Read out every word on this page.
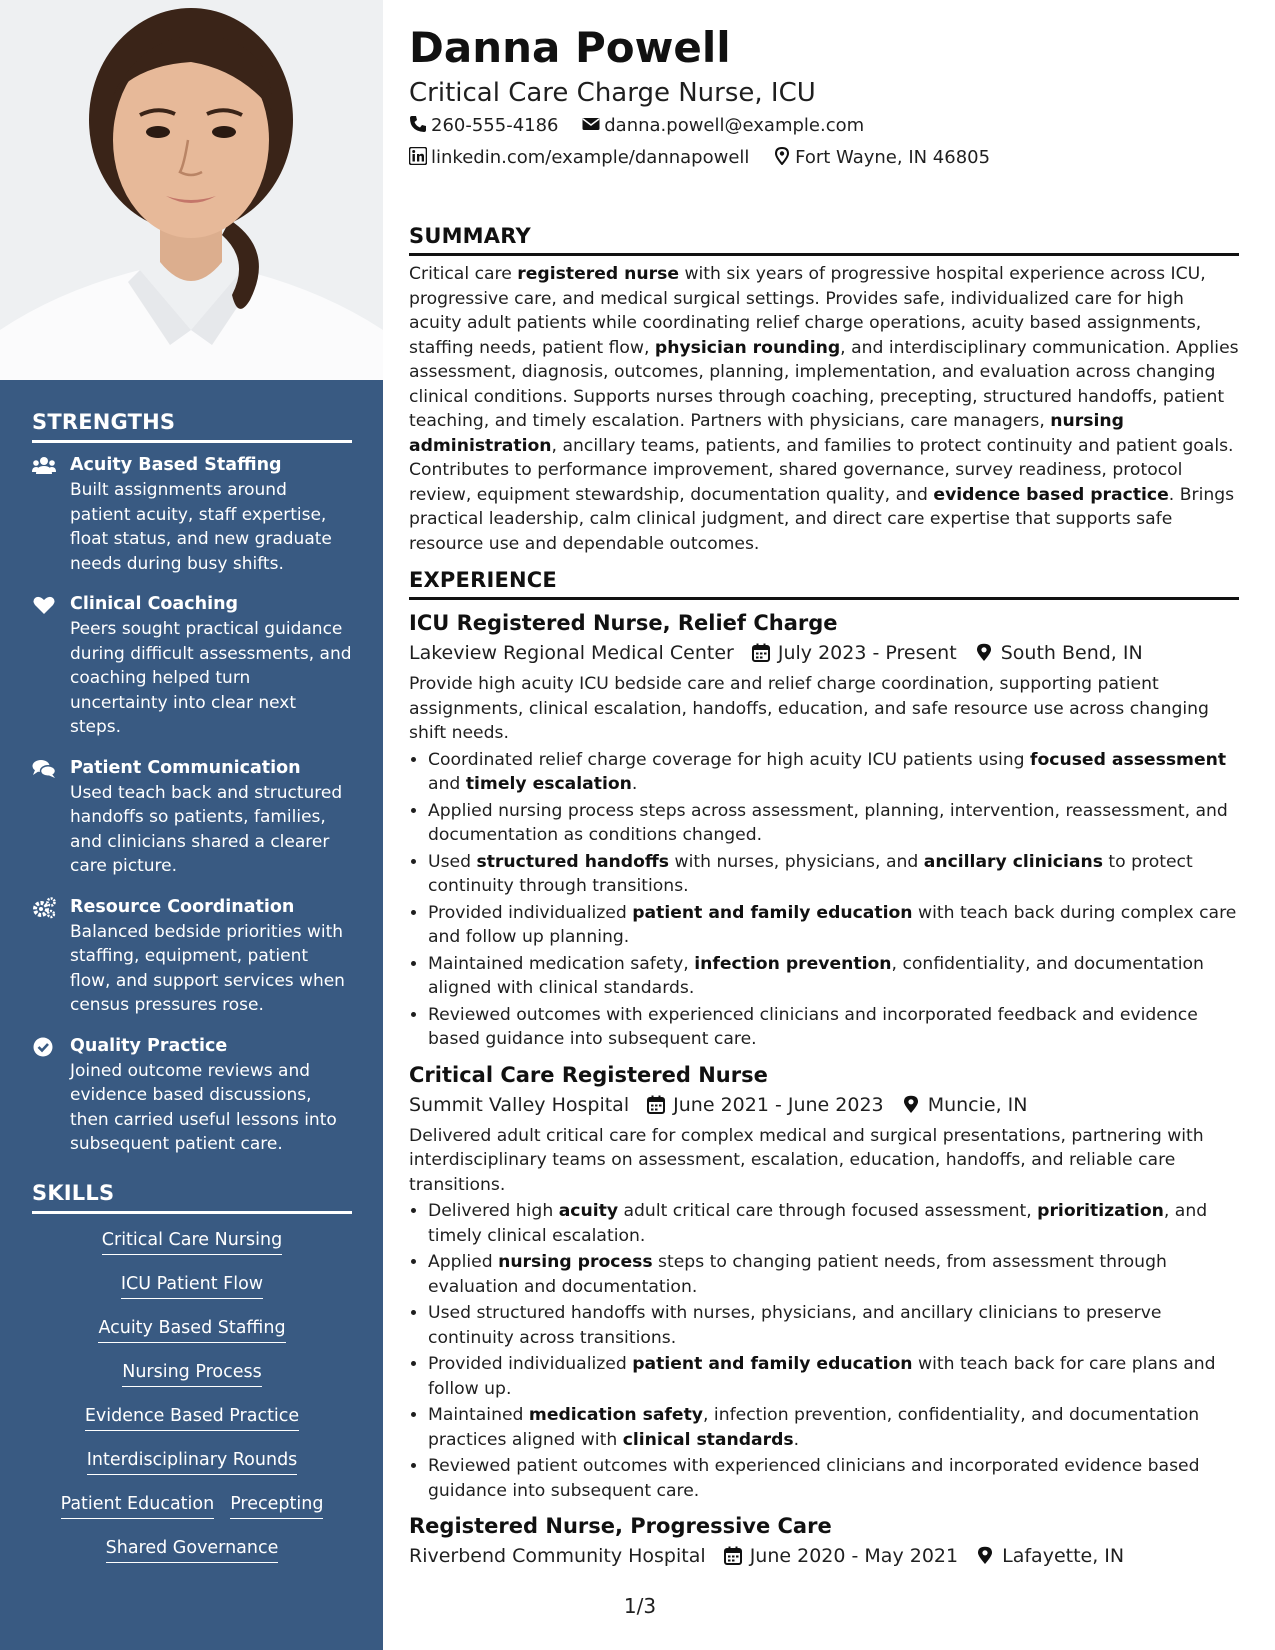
STRENGTHS
Acuity Based Staffing
Built assignments around patient acuity, staff expertise, float status, and new graduate needs during busy shifts.
Clinical Coaching
Peers sought practical guidance during difficult assessments, and coaching helped turn uncertainty into clear next steps.
Patient Communication
Used teach back and structured handoffs so patients, families, and clinicians shared a clearer care picture.
Resource Coordination
Balanced bedside priorities with staffing, equipment, patient flow, and support services when census pressures rose.
Quality Practice
Joined outcome reviews and evidence based discussions, then carried useful lessons into subsequent patient care.
SKILLS
Critical Care Nursing
ICU Patient Flow
Acuity Based Staffing
Nursing Process
Evidence Based Practice
Interdisciplinary Rounds
Patient Education Precepting
Shared Governance
Danna Powell
Critical Care Charge Nurse, ICU
260-555-4186	danna.powell@example.com
linkedin.com/example/dannapowell	Fort Wayne, IN 46805
SUMMARY
Critical care registered nurse with six years of progressive hospital experience across ICU, progressive care, and medical surgical settings. Provides safe, individualized care for high acuity adult patients while coordinating relief charge operations, acuity based assignments, staffing needs, patient flow, physician rounding, and interdisciplinary communication. Applies assessment, diagnosis, outcomes, planning, implementation, and evaluation across changing clinical conditions. Supports nurses through coaching, precepting, structured handoffs, patient teaching, and timely escalation. Partners with physicians, care managers, nursing administration, ancillary teams, patients, and families to protect continuity and patient goals. Contributes to performance improvement, shared governance, survey readiness, protocol review, equipment stewardship, documentation quality, and evidence based practice. Brings practical leadership, calm clinical judgment, and direct care expertise that supports safe resource use and dependable outcomes.
EXPERIENCE
ICU Registered Nurse, Relief Charge
Lakeview Regional Medical Center July 2023 - Present South Bend, IN
Provide high acuity ICU bedside care and relief charge coordination, supporting patient assignments, clinical escalation, handoffs, education, and safe resource use across changing shift needs.
• Coordinated relief charge coverage for high acuity ICU patients using focused assessment and timely escalation.
• Applied nursing process steps across assessment, planning, intervention, reassessment, and documentation as conditions changed.
• Used structured handoffs with nurses, physicians, and ancillary clinicians to protect continuity through transitions.
• Provided individualized patient and family education with teach back during complex care and follow up planning.
• Maintained medication safety, infection prevention, confidentiality, and documentation aligned with clinical standards.
• Reviewed outcomes with experienced clinicians and incorporated feedback and evidence based guidance into subsequent care.
Critical Care Registered Nurse
Summit Valley Hospital June 2021 - June 2023 Muncie, IN
Delivered adult critical care for complex medical and surgical presentations, partnering with interdisciplinary teams on assessment, escalation, education, handoffs, and reliable care transitions.
• Delivered high acuity adult critical care through focused assessment, prioritization, and timely clinical escalation.
• Applied nursing process steps to changing patient needs, from assessment through evaluation and documentation.
• Used structured handoffs with nurses, physicians, and ancillary clinicians to preserve continuity across transitions.
• Provided individualized patient and family education with teach back for care plans and follow up.
• Maintained medication safety, infection prevention, confidentiality, and documentation practices aligned with clinical standards.
• Reviewed patient outcomes with experienced clinicians and incorporated evidence based guidance into subsequent care.
Registered Nurse, Progressive Care
Riverbend Community Hospital June 2020 - May 2021 Lafayette, IN
1/3
